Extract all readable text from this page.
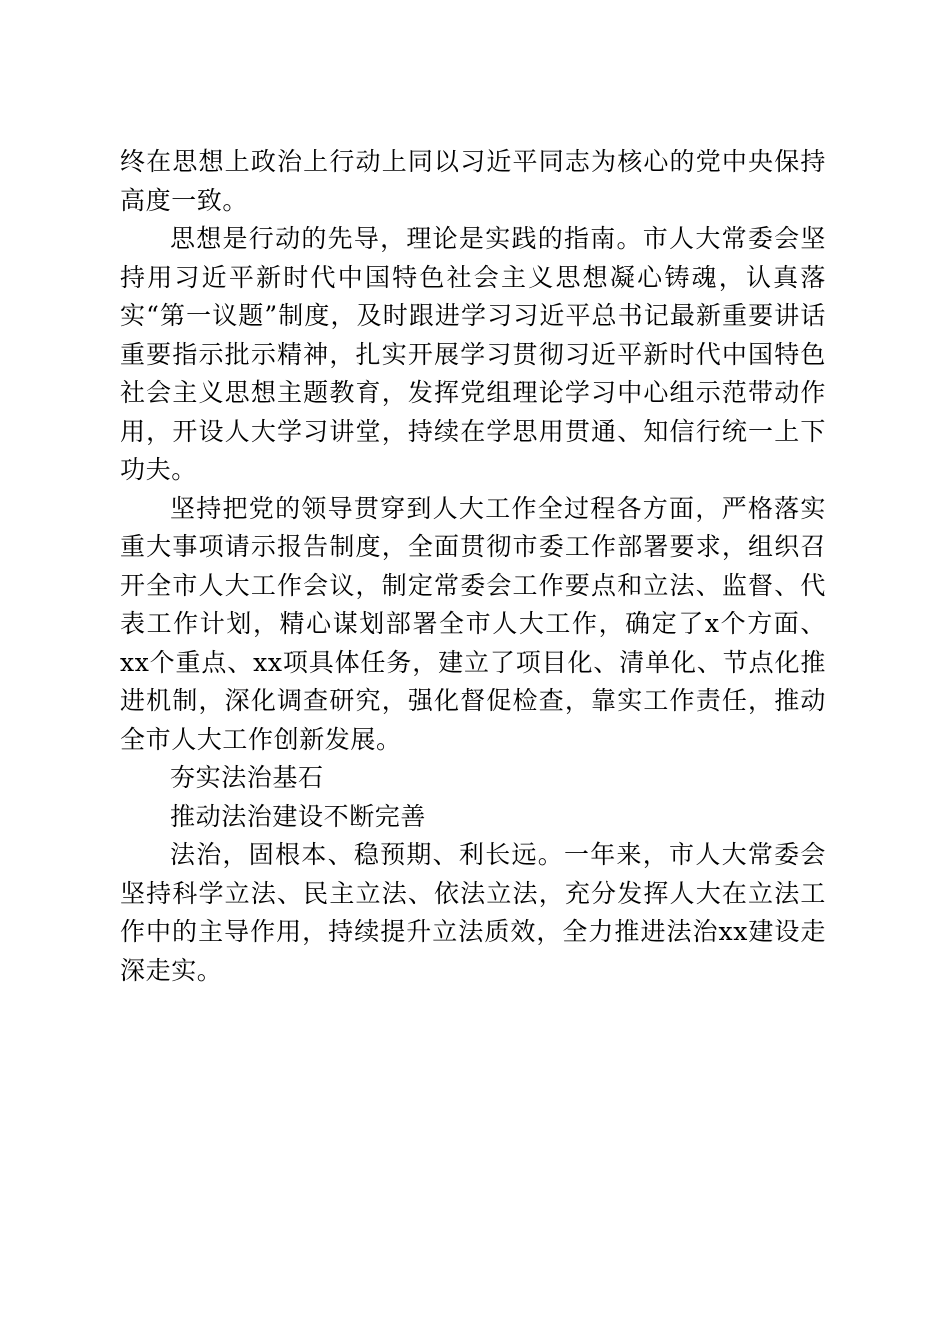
终在思想上政治上行动上同以习近平同志为核心的党中央保持高度一致。

思想是行动的先导，理论是实践的指南。市人大常委会坚持用习近平新时代中国特色社会主义思想凝心铸魂，认真落实“第一议题”制度，及时跟进学习习近平总书记最新重要讲话重要指示批示精神，扎实开展学习贯彻习近平新时代中国特色社会主义思想主题教育，发挥党组理论学习中心组示范带动作用，开设人大学习讲堂，持续在学思用贯通、知信行统一上下功夫。

坚持把党的领导贯穿到人大工作全过程各方面，严格落实重大事项请示报告制度，全面贯彻市委工作部署要求，组织召开全市人大工作会议，制定常委会工作要点和立法、监督、代表工作计划，精心谋划部署全市人大工作，确定了x个方面、xx个重点、xx项具体任务，建立了项目化、清单化、节点化推进机制，深化调查研究，强化督促检查，靠实工作责任，推动全市人大工作创新发展。

夯实法治基石

推动法治建设不断完善

法治，固根本、稳预期、利长远。一年来，市人大常委会坚持科学立法、民主立法、依法立法，充分发挥人大在立法工作中的主导作用，持续提升立法质效，全力推进法治xx建设走深走实。
